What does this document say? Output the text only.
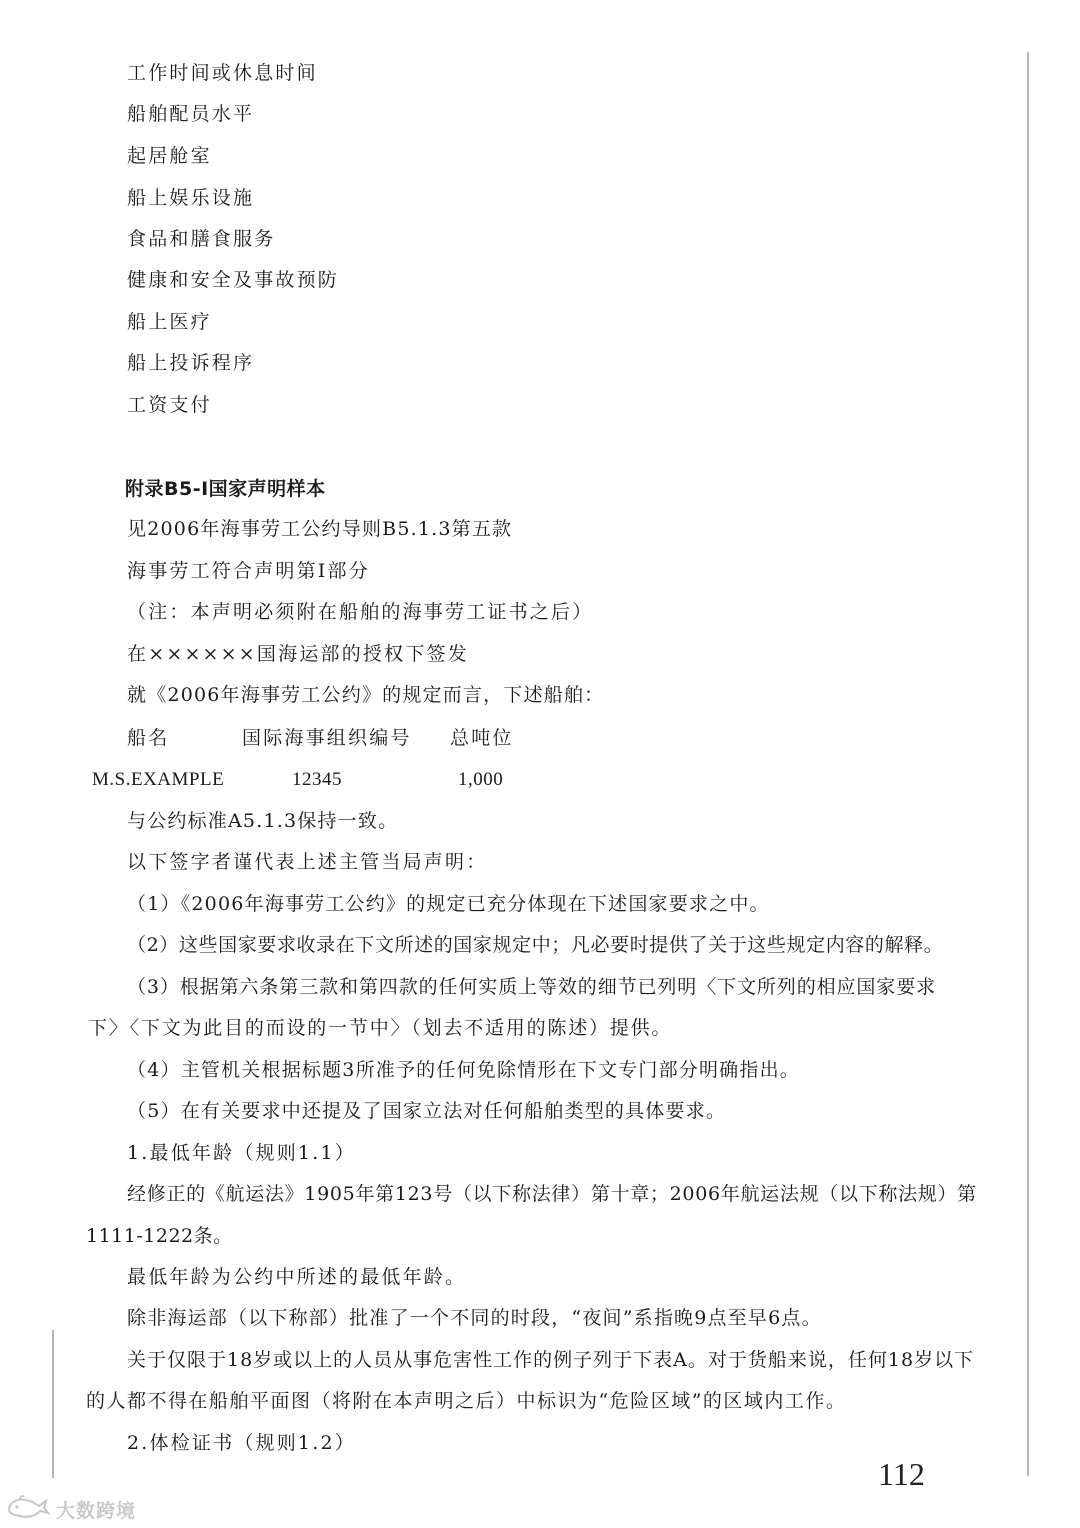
工作时间或休息时间
船舶配员水平
起居舱室
船上娱乐设施
食品和膳食服务
健康和安全及事故预防
船上医疗
船上投诉程序
工资支付
附录B5-Ⅰ国家声明样本
见2006年海事劳工公约导则B5.1.3第五款
海事劳工符合声明第Ⅰ部分
（注：本声明必须附在船舶的海事劳工证书之后）
在××××××国海运部的授权下签发
就《2006年海事劳工公约》的规定而言，下述船舶：
船名	国际海事组织编号 总吨位
M.S.EXAMPLE	12345	1,000
与公约标准A5.1.3保持一致。
以下签字者谨代表上述主管当局声明：
（1）《2006年海事劳工公约》的规定已充分体现在下述国家要求之中。
（2）这些国家要求收录在下文所述的国家规定中；凡必要时提供了关于这些规定内容的解释。
（3）根据第六条第三款和第四款的任何实质上等效的细节已列明〈下文所列的相应国家要求
下〉〈下文为此目的而设的一节中〉（划去不适用的陈述）提供。
（4）主管机关根据标题3所准予的任何免除情形在下文专门部分明确指出。
（5）在有关要求中还提及了国家立法对任何船舶类型的具体要求。
1.最低年龄（规则1.1）
经修正的《航运法》1905年第123号（以下称法律）第十章；2006年航运法规（以下称法规）第
1111-1222条。
最低年龄为公约中所述的最低年龄。
除非海运部（以下称部）批准了一个不同的时段，“夜间”系指晚9点至早6点。
关于仅限于18岁或以上的人员从事危害性工作的例子列于下表A。对于货船来说，任何18岁以下
的人都不得在船舶平面图（将附在本声明之后）中标识为“危险区域”的区域内工作。
2.体检证书（规则1.2）
112
大数跨境
